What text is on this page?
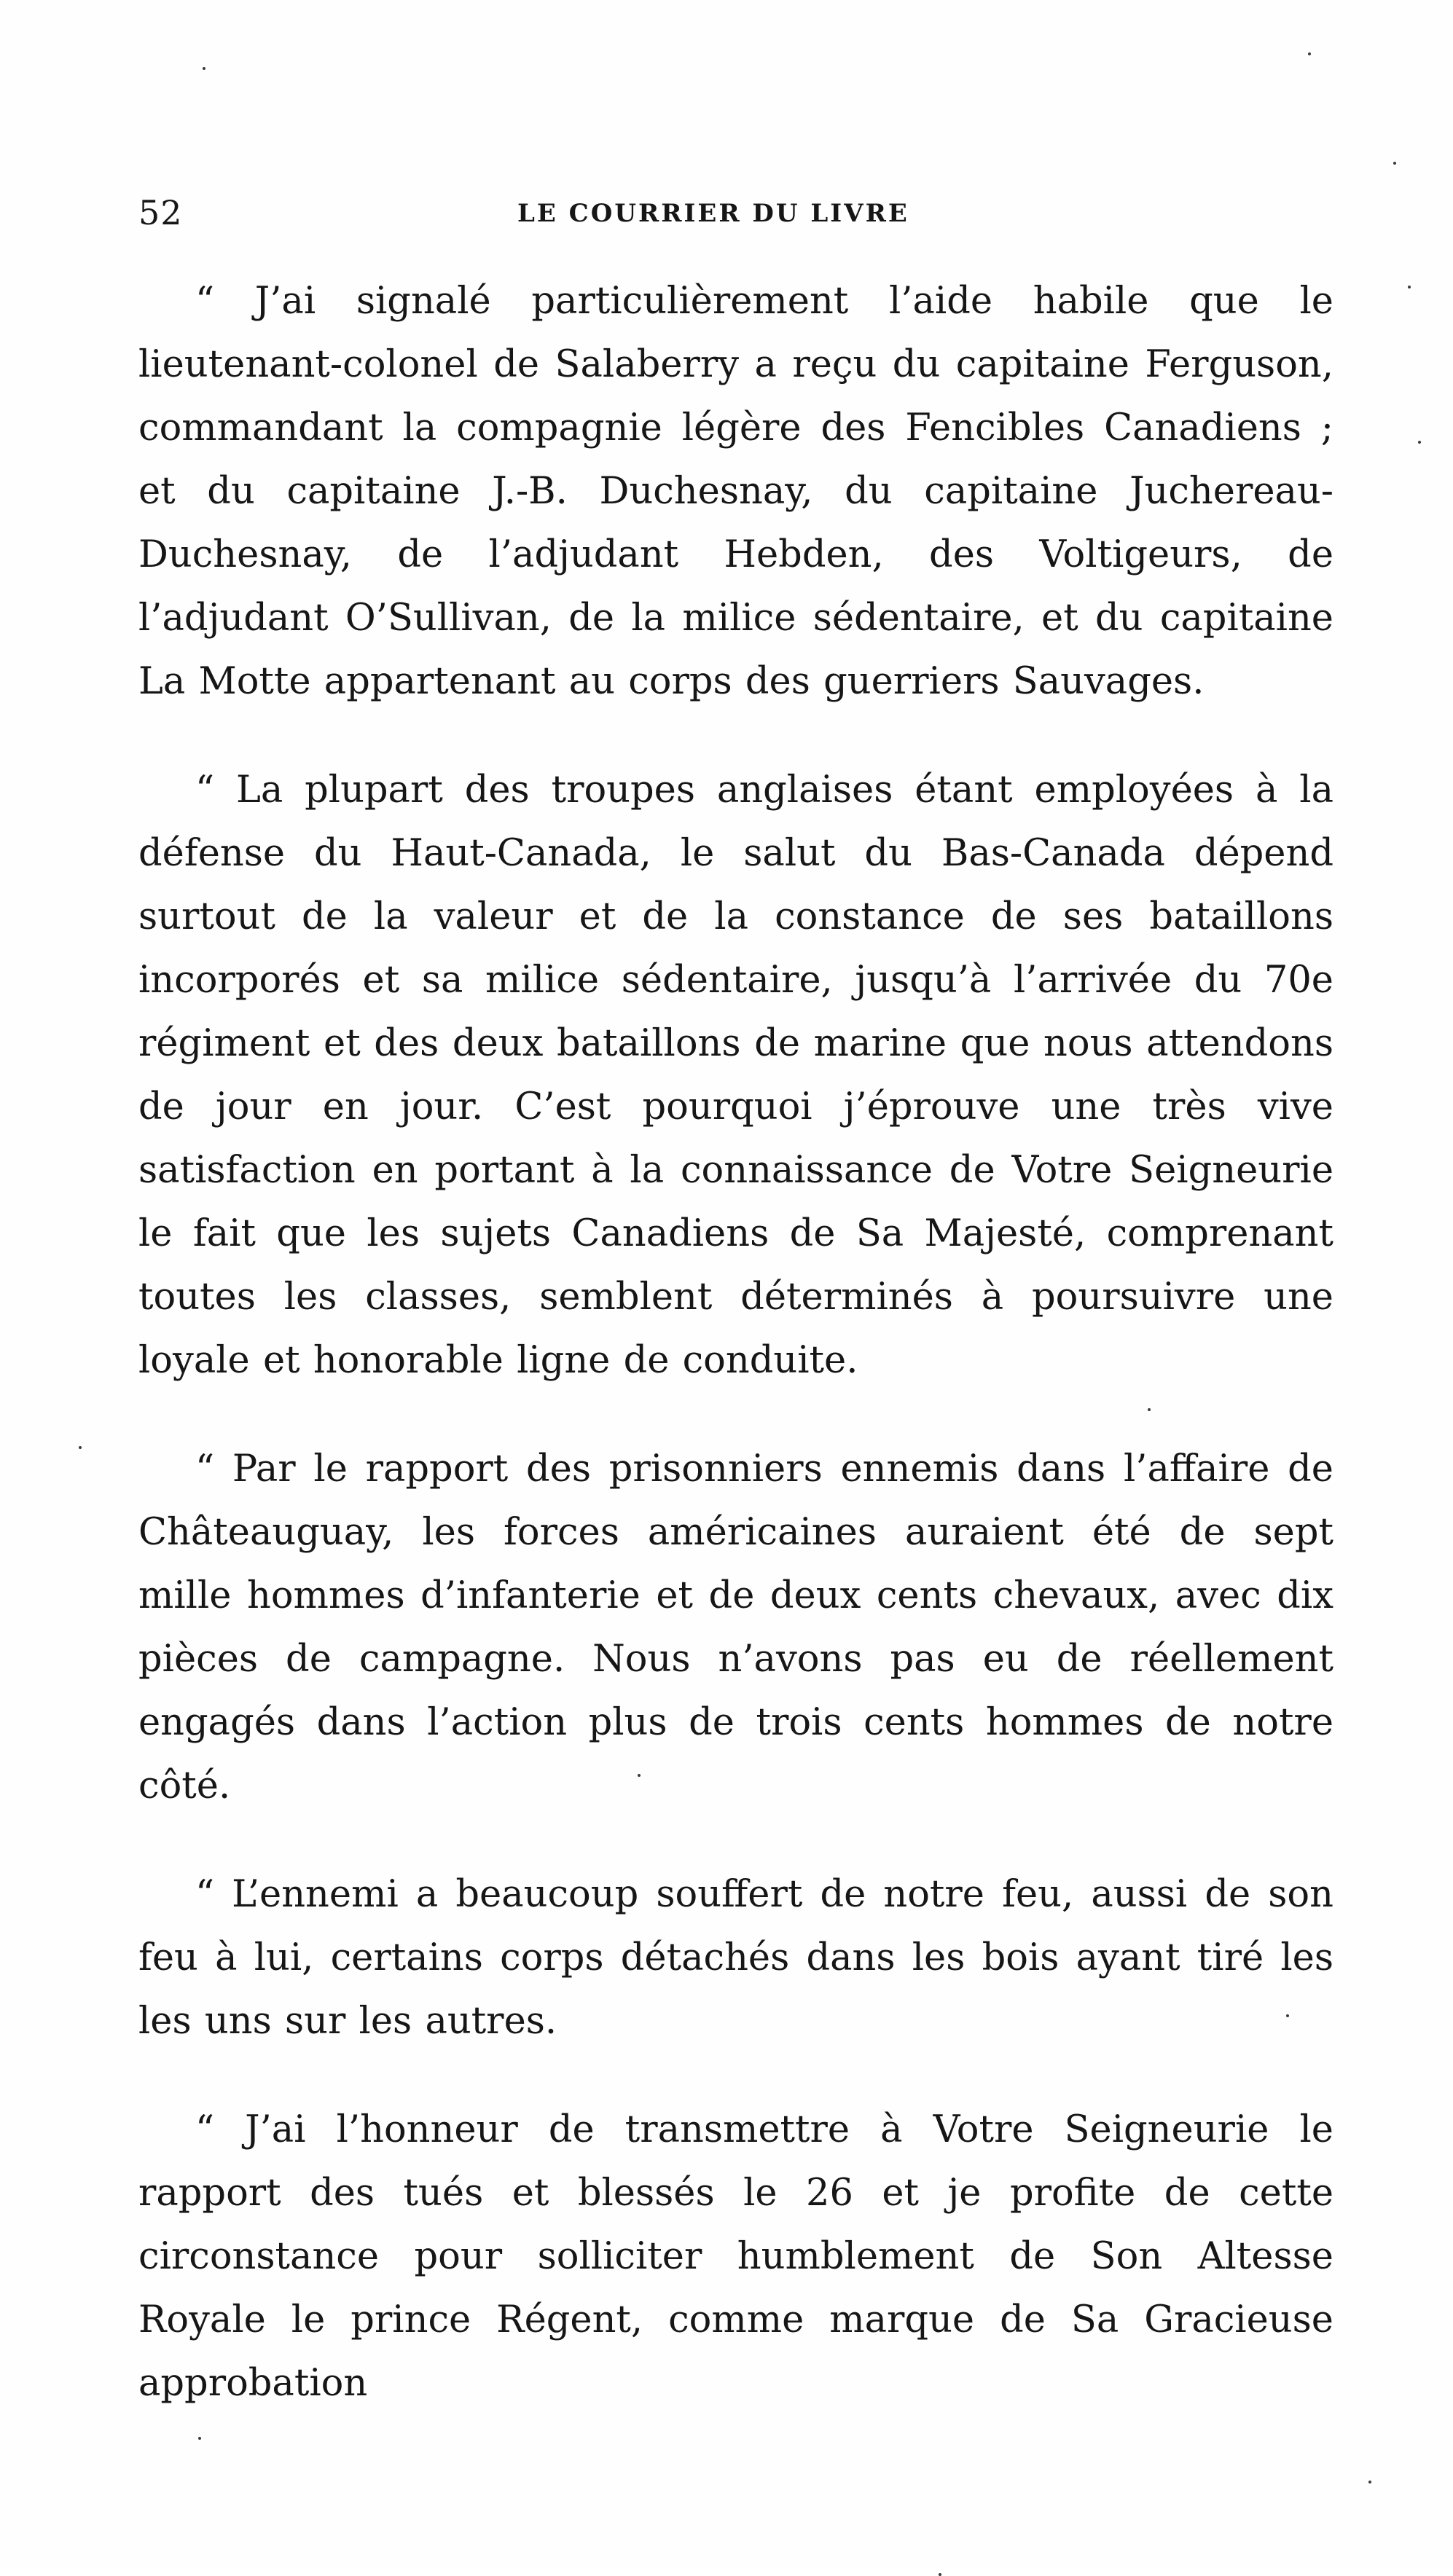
52	LE COURRIER DU LIVRE

“ J’ai signalé particulièrement l’aide habile que le lieutenant-colonel de Salaberry a reçu du capitaine Ferguson, commandant la compagnie légère des Fencibles Canadiens ; et du capitaine J.-B. Duchesnay, du capitaine Juchereau-Duchesnay, de l’adjudant Hebden, des Voltigeurs, de l’adjudant O’Sullivan, de la milice sédentaire, et du capitaine La Motte appartenant au corps des guerriers Sauvages.

“ La plupart des troupes anglaises étant employées à la défense du Haut-Canada, le salut du Bas-Canada dépend surtout de la valeur et de la constance de ses bataillons incorporés et sa milice sédentaire, jusqu’à l’arrivée du 70e régiment et des deux bataillons de marine que nous attendons de jour en jour. C’est pourquoi j’éprouve une très vive satisfaction en portant à la connaissance de Votre Seigneurie le fait que les sujets Canadiens de Sa Majesté, comprenant toutes les classes, semblent déterminés à poursuivre une loyale et honorable ligne de conduite.

“ Par le rapport des prisonniers ennemis dans l’affaire de Châteauguay, les forces américaines auraient été de sept mille hommes d’infanterie et de deux cents chevaux, avec dix pièces de campagne. Nous n’avons pas eu de réellement engagés dans l’action plus de trois cents hommes de notre côté.

“ L’ennemi a beaucoup souffert de notre feu, aussi de son feu à lui, certains corps détachés dans les bois ayant tiré les les uns sur les autres.

“ J’ai l’honneur de transmettre à Votre Seigneurie le rapport des tués et blessés le 26 et je profite de cette circonstance pour solliciter humblement de Son Altesse Royale le prince Régent, comme marque de Sa Gracieuse approbation
